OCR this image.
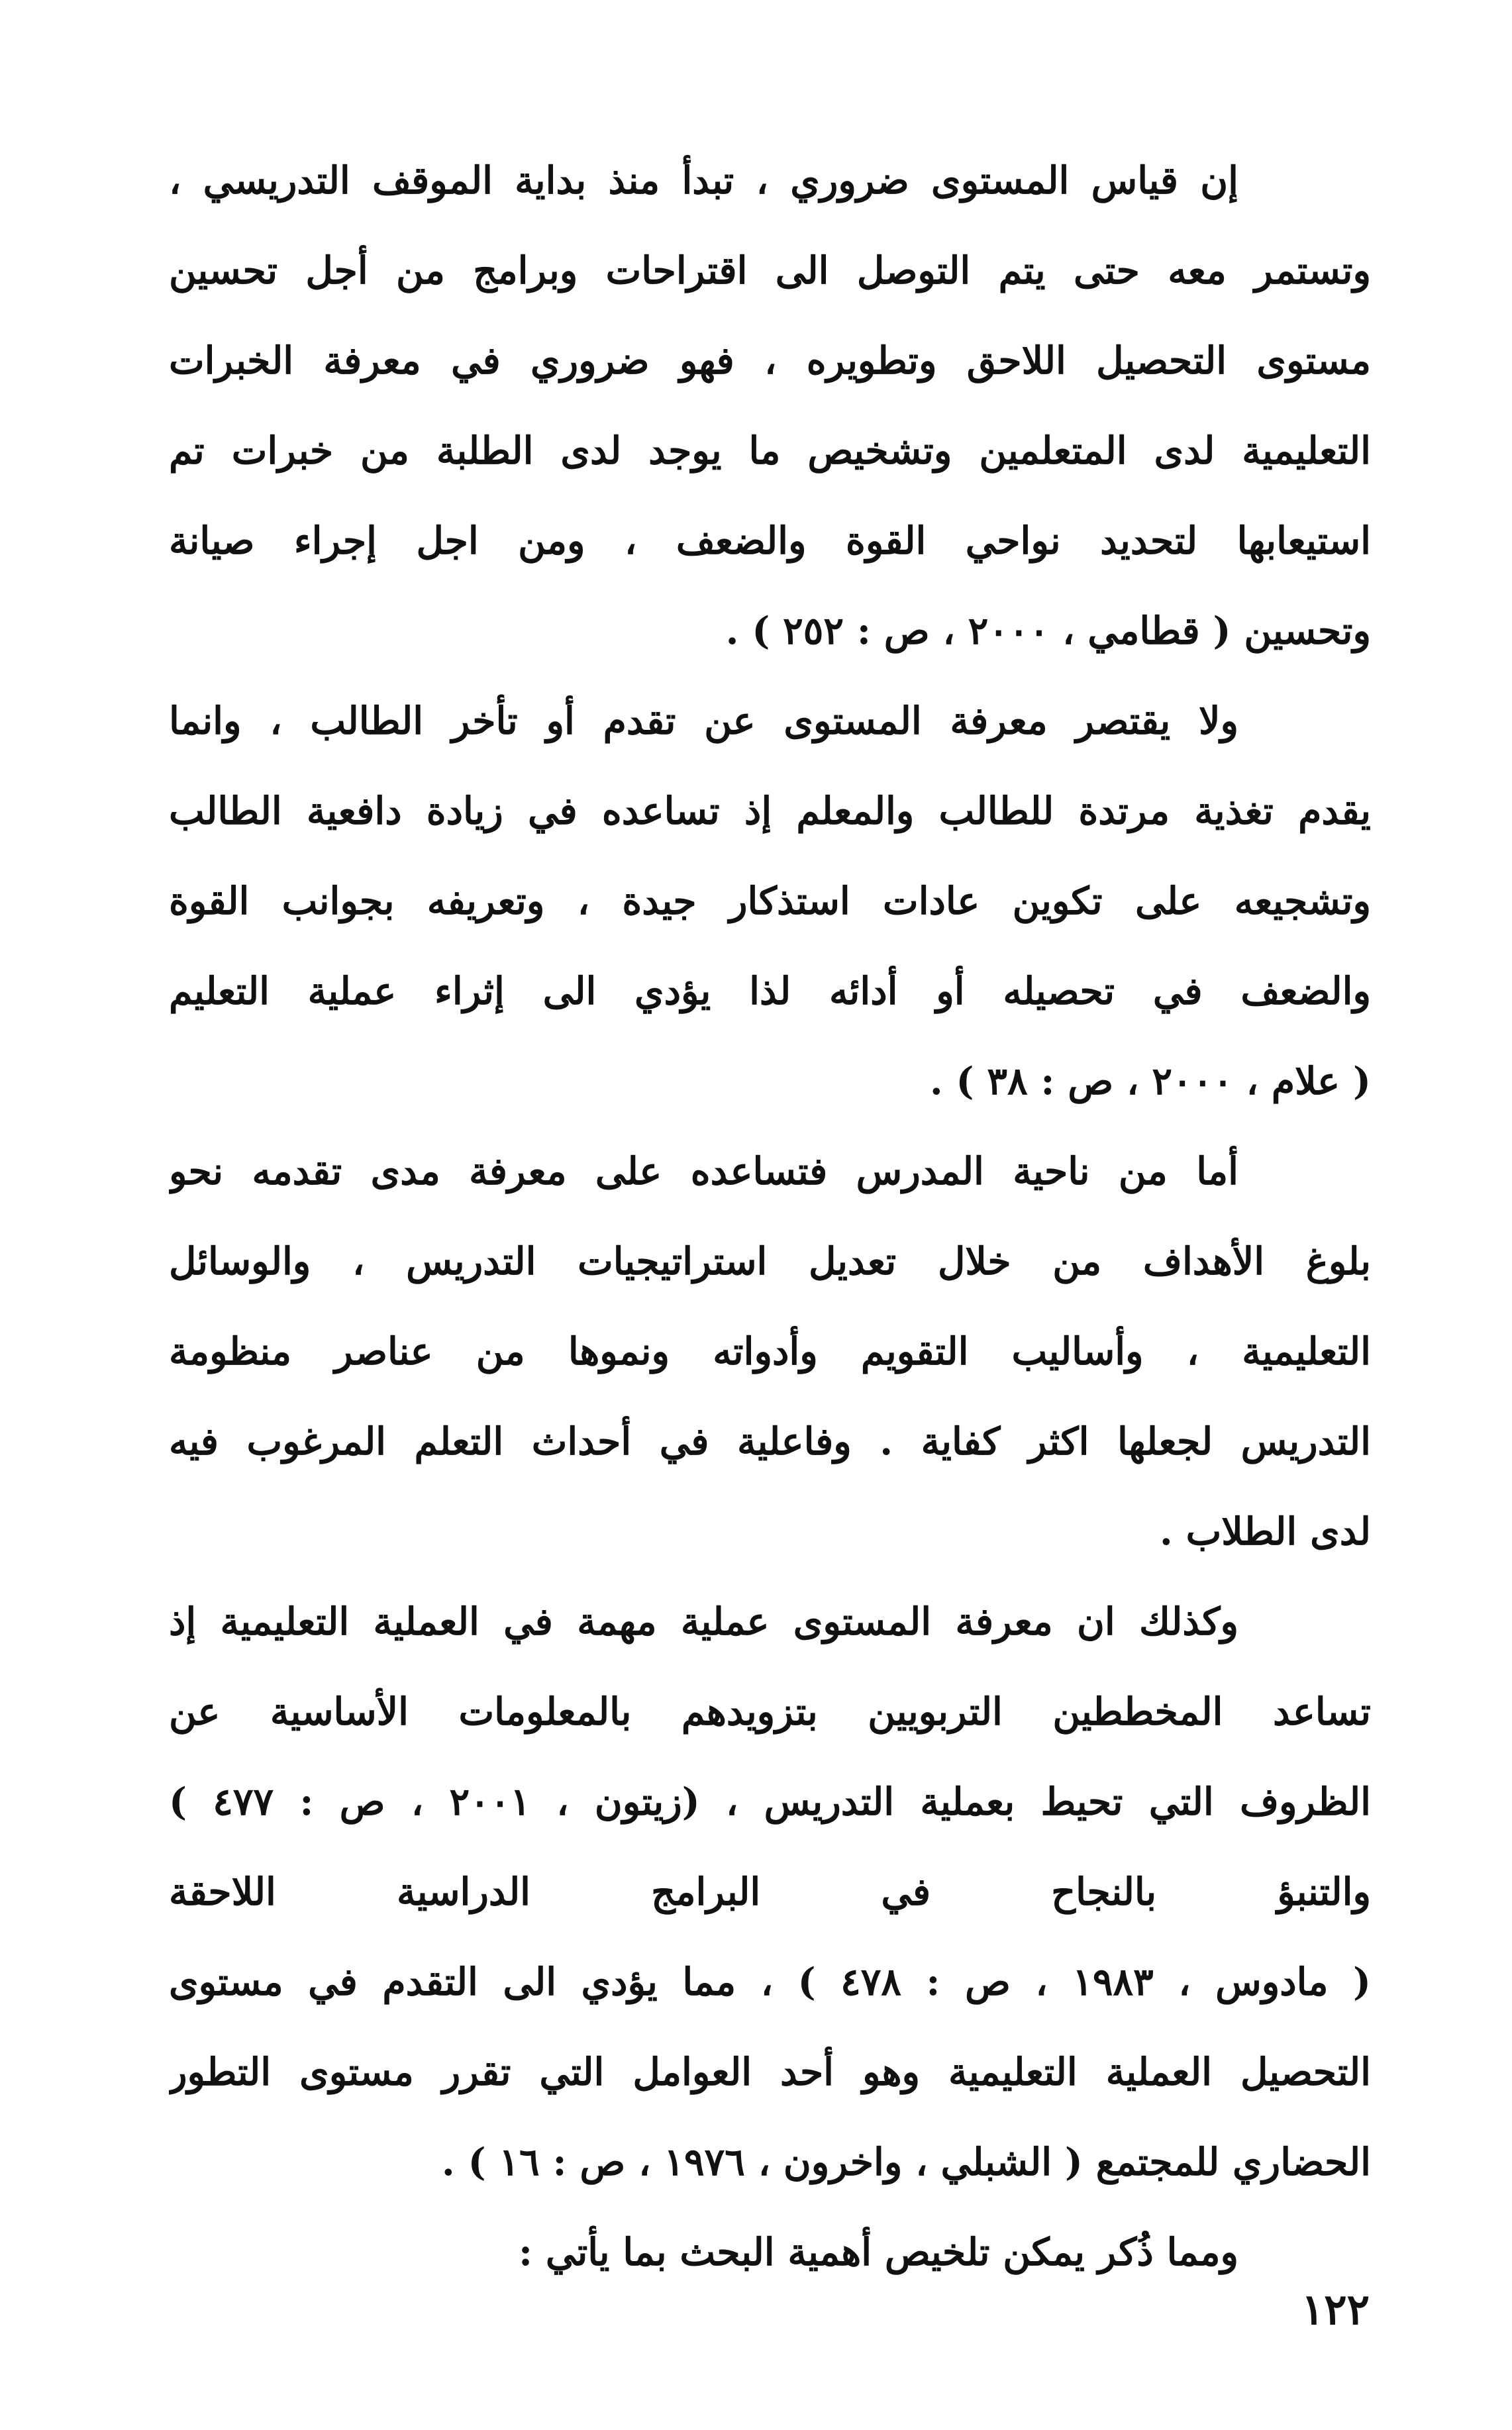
إن قياس المستوى ضروري ، تبدأ منذ بداية الموقف التدريسي ،
وتستمر معه حتى يتم التوصل الى اقتراحات وبرامج من أجل تحسين
مستوى التحصيل اللاحق وتطويره ، فهو ضروري في معرفة الخبرات
التعليمية لدى المتعلمين وتشخيص ما يوجد لدى الطلبة من خبرات تم
استيعابها لتحديد نواحي القوة والضعف ، ومن اجل إجراء صيانة
وتحسين ( قطامي ، ٢٠٠٠ ، ص : ٢٥٢ ) .
ولا يقتصر معرفة المستوى عن تقدم أو تأخر الطالب ، وانما
يقدم تغذية مرتدة للطالب والمعلم إذ تساعده في زيادة دافعية الطالب
وتشجيعه على تكوين عادات استذكار جيدة ، وتعريفه بجوانب القوة
والضعف في تحصيله أو أدائه لذا يؤدي الى إثراء عملية التعليم
( علام ، ٢٠٠٠ ، ص : ٣٨ ) .
أما من ناحية المدرس فتساعده على معرفة مدى تقدمه نحو
بلوغ الأهداف من خلال تعديل استراتيجيات التدريس ، والوسائل
التعليمية ، وأساليب التقويم وأدواته ونموها من عناصر منظومة
التدريس لجعلها اكثر كفاية . وفاعلية في أحداث التعلم المرغوب فيه
لدى الطلاب .
وكذلك ان معرفة المستوى عملية مهمة في العملية التعليمية إذ
تساعد المخططين التربويين بتزويدهم بالمعلومات الأساسية عن
الظروف التي تحيط بعملية التدريس ، (زيتون ، ٢٠٠١ ، ص : ٤٧٧ )
والتنبؤ بالنجاح في البرامج الدراسية اللاحقة
( مادوس ، ١٩٨٣ ، ص : ٤٧٨ ) ، مما يؤدي الى التقدم في مستوى
التحصيل العملية التعليمية وهو أحد العوامل التي تقرر مستوى التطور
الحضاري للمجتمع ( الشبلي ، واخرون ، ١٩٧٦ ، ص : ١٦ ) .
ومما ذُكر يمكن تلخيص أهمية البحث بما يأتي :
١٢٢
